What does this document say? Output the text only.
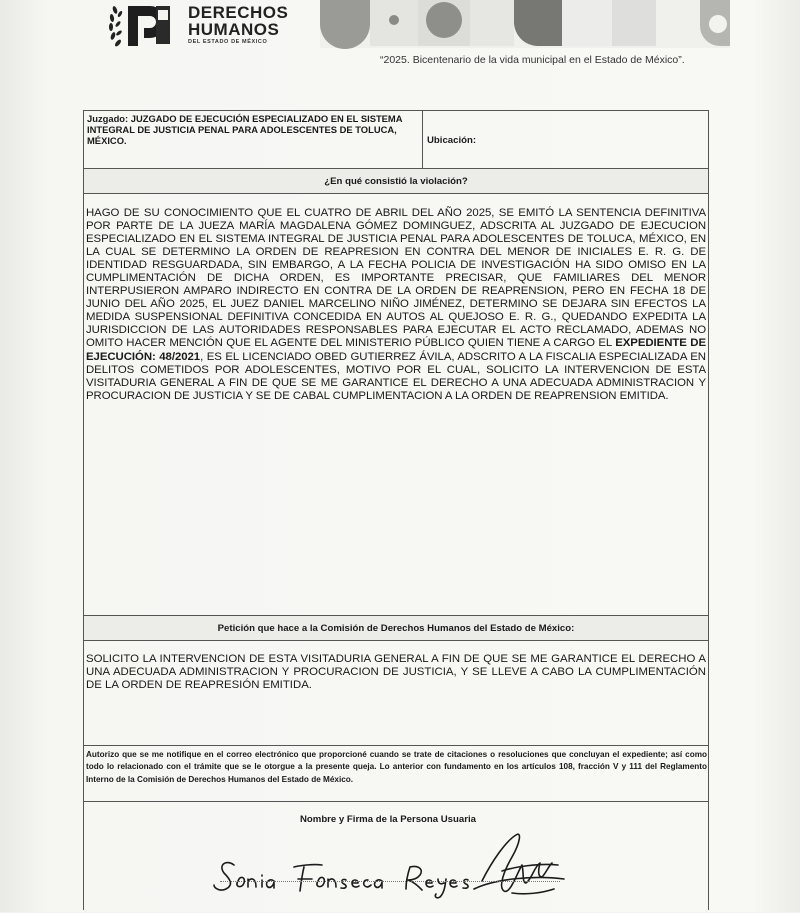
DERECHOS
HUMANOS
DEL ESTADO DE MÉXICO
“2025. Bicentenario de la vida municipal en el Estado de México”.
Juzgado: JUZGADO DE EJECUCIÓN ESPECIALIZADO EN EL SISTEMA INTEGRAL DE JUSTICIA PENAL PARA ADOLESCENTES DE TOLUCA, MÉXICO.	Ubicación:
¿En qué consistió la violación?
HAGO DE SU CONOCIMIENTO QUE EL CUATRO DE ABRIL DEL AÑO 2025, SE EMITÓ LA SENTENCIA DEFINITIVA POR PARTE DE LA JUEZA MARÍA MAGDALENA GÓMEZ DOMINGUEZ, ADSCRITA AL JUZGADO DE EJECUCION ESPECIALIZADO EN EL SISTEMA INTEGRAL DE JUSTICIA PENAL PARA ADOLESCENTES DE TOLUCA, MÉXICO, EN LA CUAL SE DETERMINO LA ORDEN DE REAPRESION EN CONTRA DEL MENOR DE INICIALES E. R. G. DE IDENTIDAD RESGUARDADA, SIN EMBARGO, A LA FECHA POLICIA DE INVESTIGACIÓN HA SIDO OMISO EN LA CUMPLIMENTACIÓN DE DICHA ORDEN, ES IMPORTANTE PRECISAR, QUE FAMILIARES DEL MENOR INTERPUSIERON AMPARO INDIRECTO EN CONTRA DE LA ORDEN DE REAPRENSION, PERO EN FECHA 18 DE JUNIO DEL AÑO 2025, EL JUEZ DANIEL MARCELINO NIÑO JIMÉNEZ, DETERMINO SE DEJARA SIN EFECTOS LA MEDIDA SUSPENSIONAL DEFINITIVA CONCEDIDA EN AUTOS AL QUEJOSO E. R. G., QUEDANDO EXPEDITA LA JURISDICCION DE LAS AUTORIDADES RESPONSABLES PARA EJECUTAR EL ACTO RECLAMADO, ADEMAS NO OMITO HACER MENCIÓN QUE EL AGENTE DEL MINISTERIO PÚBLICO QUIEN TIENE A CARGO EL EXPEDIENTE DE EJECUCIÓN: 48/2021, ES EL LICENCIADO OBED GUTIERREZ ÁVILA, ADSCRITO A LA FISCALIA ESPECIALIZADA EN DELITOS COMETIDOS POR ADOLESCENTES, MOTIVO POR EL CUAL, SOLICITO LA INTERVENCION DE ESTA VISITADURIA GENERAL A FIN DE QUE SE ME GARANTICE EL DERECHO A UNA ADECUADA ADMINISTRACION Y PROCURACION DE JUSTICIA Y SE DE CABAL CUMPLIMENTACION A LA ORDEN DE REAPRENSION EMITIDA.
Petición que hace a la Comisión de Derechos Humanos del Estado de México:
SOLICITO LA INTERVENCION DE ESTA VISITADURIA GENERAL A FIN DE QUE SE ME GARANTICE EL DERECHO A UNA ADECUADA ADMINISTRACION Y PROCURACION DE JUSTICIA, Y SE LLEVE A CABO LA CUMPLIMENTACIÓN DE LA ORDEN DE REAPRESIÓN EMITIDA.
Autorizo que se me notifique en el correo electrónico que proporcioné cuando se trate de citaciones o resoluciones que concluyan el expediente; así como todo lo relacionado con el trámite que se le otorgue a la presente queja. Lo anterior con fundamento en los artículos 108, fracción V y 111 del Reglamento Interno de la Comisión de Derechos Humanos del Estado de México.
Nombre y Firma de la Persona Usuaria
